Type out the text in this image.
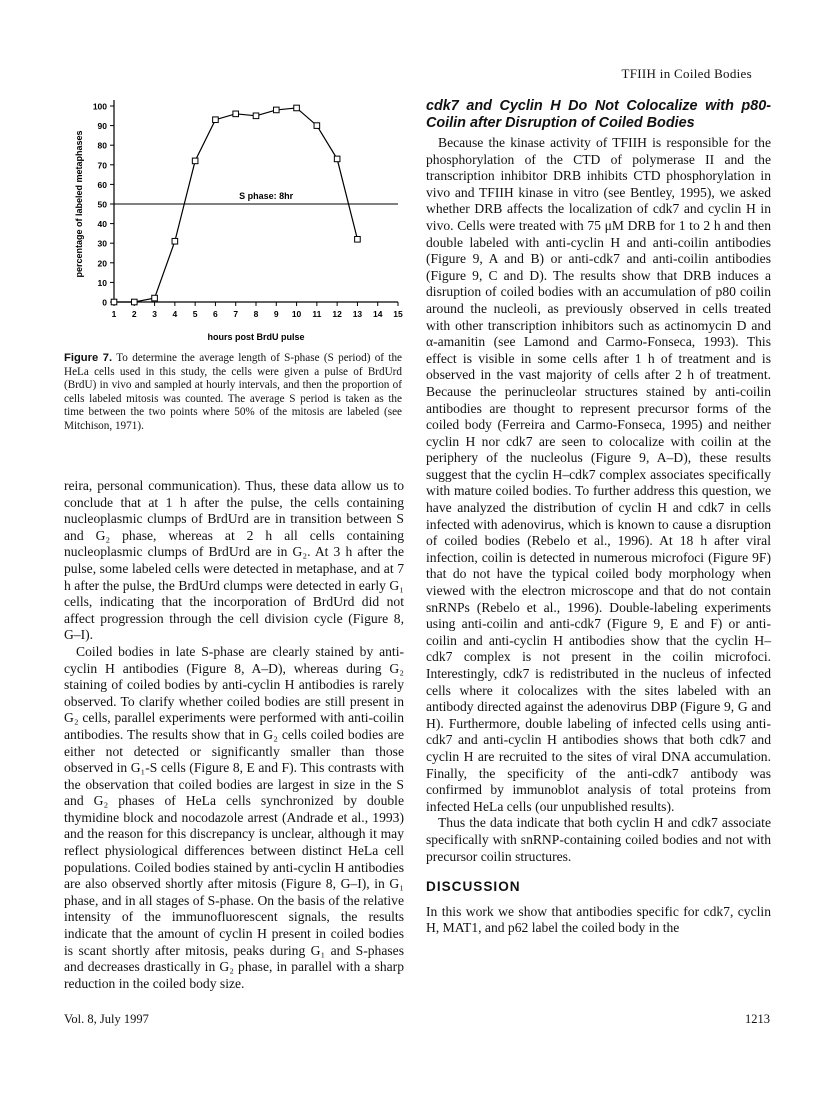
TFIIH in Coiled Bodies
0
10
20
30
40
50
60
70
80
90
100
1 2 3 4 5 6 7 8 9 10 11 12 13 14 15
S phase: 8hr
hours post BrdU pulse
percentage of labeled metaphases
Figure 7. To determine the average length of S-phase (S period) of the HeLa cells used in this study, the cells were given a pulse of BrdUrd (BrdU) in vivo and sampled at hourly intervals, and then the proportion of cells labeled mitosis was counted. The average S period is taken as the time between the two points where 50% of the mitosis are labeled (see Mitchison, 1971).

reira, personal communication). Thus, these data allow us to conclude that at 1 h after the pulse, the cells containing nucleoplasmic clumps of BrdUrd are in transition between S and G₂ phase, whereas at 2 h all cells containing nucleoplasmic clumps of BrdUrd are in G₂. At 3 h after the pulse, some labeled cells were detected in metaphase, and at 7 h after the pulse, the BrdUrd clumps were detected in early G₁ cells, indicating that the incorporation of BrdUrd did not affect progression through the cell division cycle (Figure 8, G–I).

Coiled bodies in late S-phase are clearly stained by anti-cyclin H antibodies (Figure 8, A–D), whereas during G₂ staining of coiled bodies by anti-cyclin H antibodies is rarely observed. To clarify whether coiled bodies are still present in G₂ cells, parallel experiments were performed with anti-coilin antibodies. The results show that in G₂ cells coiled bodies are either not detected or significantly smaller than those observed in G₁-S cells (Figure 8, E and F). This contrasts with the observation that coiled bodies are largest in size in the S and G₂ phases of HeLa cells synchronized by double thymidine block and nocodazole arrest (Andrade et al., 1993) and the reason for this discrepancy is unclear, although it may reflect physiological differences between distinct HeLa cell populations. Coiled bodies stained by anti-cyclin H antibodies are also observed shortly after mitosis (Figure 8, G–I), in G₁ phase, and in all stages of S-phase. On the basis of the relative intensity of the immunofluorescent signals, the results indicate that the amount of cyclin H present in coiled bodies is scant shortly after mitosis, peaks during G₁ and S-phases and decreases drastically in G₂ phase, in parallel with a sharp reduction in the coiled body size.

cdk7 and Cyclin H Do Not Colocalize with p80-Coilin after Disruption of Coiled Bodies

Because the kinase activity of TFIIH is responsible for the phosphorylation of the CTD of polymerase II and the transcription inhibitor DRB inhibits CTD phosphorylation in vivo and TFIIH kinase in vitro (see Bentley, 1995), we asked whether DRB affects the localization of cdk7 and cyclin H in vivo. Cells were treated with 75 μM DRB for 1 to 2 h and then double labeled with anti-cyclin H and anti-coilin antibodies (Figure 9, A and B) or anti-cdk7 and anti-coilin antibodies (Figure 9, C and D). The results show that DRB induces a disruption of coiled bodies with an accumulation of p80 coilin around the nucleoli, as previously observed in cells treated with other transcription inhibitors such as actinomycin D and α-amanitin (see Lamond and Carmo-Fonseca, 1993). This effect is visible in some cells after 1 h of treatment and is observed in the vast majority of cells after 2 h of treatment. Because the perinucleolar structures stained by anti-coilin antibodies are thought to represent precursor forms of the coiled body (Ferreira and Carmo-Fonseca, 1995) and neither cyclin H nor cdk7 are seen to colocalize with coilin at the periphery of the nucleolus (Figure 9, A–D), these results suggest that the cyclin H–cdk7 complex associates specifically with mature coiled bodies. To further address this question, we have analyzed the distribution of cyclin H and cdk7 in cells infected with adenovirus, which is known to cause a disruption of coiled bodies (Rebelo et al., 1996). At 18 h after viral infection, coilin is detected in numerous microfoci (Figure 9F) that do not have the typical coiled body morphology when viewed with the electron microscope and that do not contain snRNPs (Rebelo et al., 1996). Double-labeling experiments using anti-coilin and anti-cdk7 (Figure 9, E and F) or anti-coilin and anti-cyclin H antibodies show that the cyclin H–cdk7 complex is not present in the coilin microfoci. Interestingly, cdk7 is redistributed in the nucleus of infected cells where it colocalizes with the sites labeled with an antibody directed against the adenovirus DBP (Figure 9, G and H). Furthermore, double labeling of infected cells using anti-cdk7 and anti-cyclin H antibodies shows that both cdk7 and cyclin H are recruited to the sites of viral DNA accumulation. Finally, the specificity of the anti-cdk7 antibody was confirmed by immunoblot analysis of total proteins from infected HeLa cells (our unpublished results).

Thus the data indicate that both cyclin H and cdk7 associate specifically with snRNP-containing coiled bodies and not with precursor coilin structures.

DISCUSSION

In this work we show that antibodies specific for cdk7, cyclin H, MAT1, and p62 label the coiled body in the

Vol. 8, July 1997	1213
